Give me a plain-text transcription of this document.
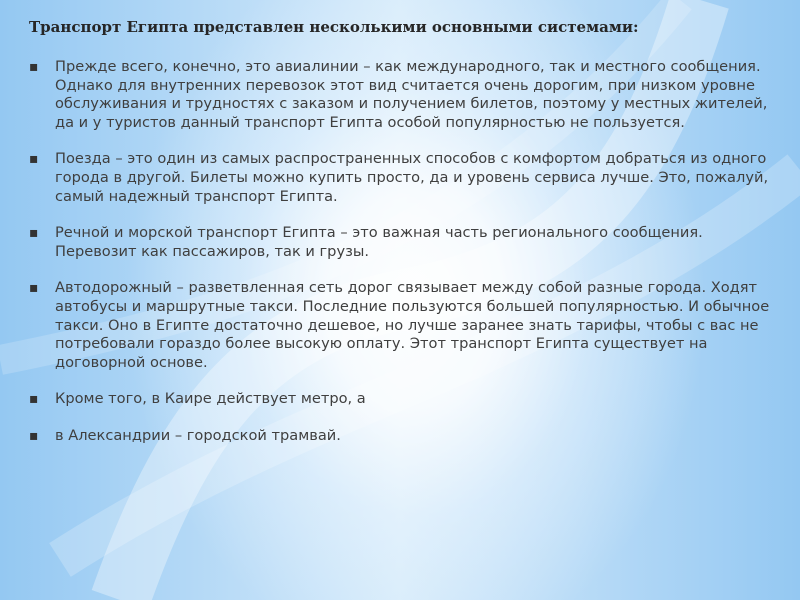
Транспорт Египта представлен несколькими основными системами:
▪ Прежде всего, конечно, это авиалинии – как международного, так и местного сообщения. Однако для внутренних перевозок этот вид считается очень дорогим, при низком уровне обслуживания и трудностях с заказом и получением билетов, поэтому у местных жителей, да и у туристов данный транспорт Египта особой популярностью не пользуется.
▪ Поезда – это один из самых распространенных способов с комфортом добраться из одного города в другой. Билеты можно купить просто, да и уровень сервиса лучше. Это, пожалуй, самый надежный транспорт Египта.
▪ Речной и морской транспорт Египта – это важная часть регионального сообщения. Перевозит как пассажиров, так и грузы.
▪ Автодорожный – разветвленная сеть дорог связывает между собой разные города. Ходят автобусы и маршрутные такси. Последние пользуются большей популярностью. И обычное такси. Оно в Египте достаточно дешевое, но лучше заранее знать тарифы, чтобы с вас не потребовали гораздо более высокую оплату. Этот транспорт Египта существует на договорной основе.
▪ Кроме того, в Каире действует метро, а
▪ в Александрии – городской трамвай.
